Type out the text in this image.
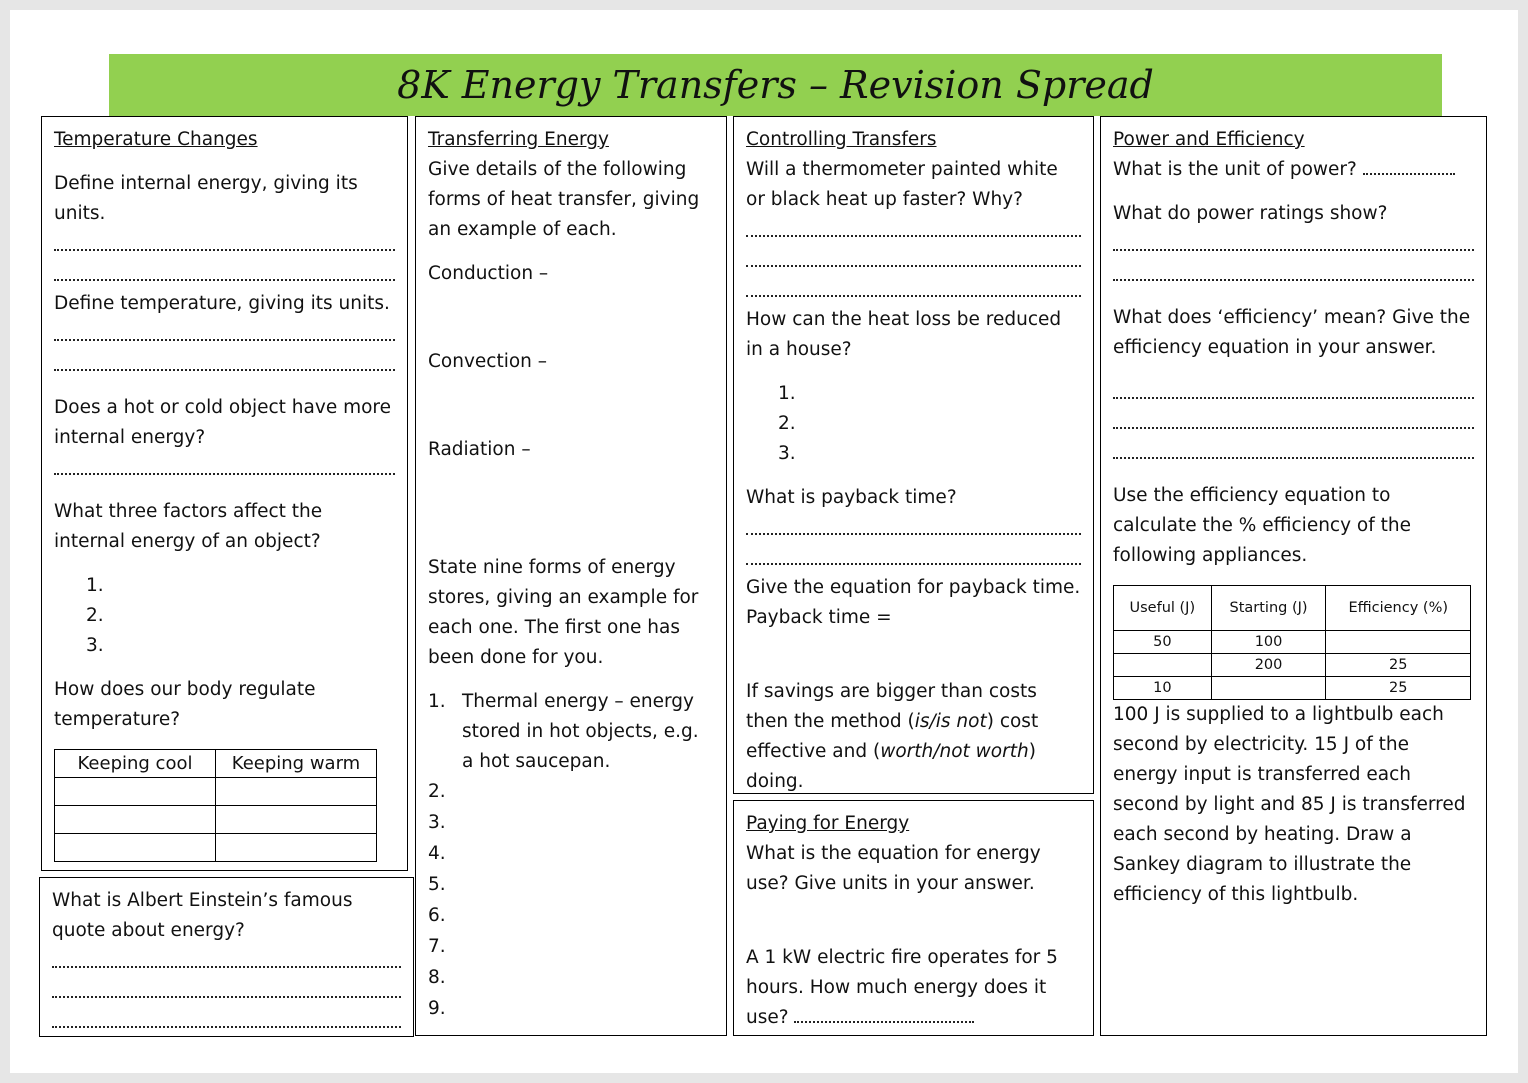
8K Energy Transfers – Revision Spread

Temperature Changes

Define internal energy, giving its units.

Define temperature, giving its units.

Does a hot or cold object have more internal energy?

What three factors affect the internal energy of an object?

1.
2.
3.

How does our body regulate temperature?

Keeping cool	Keeping warm

What is Albert Einstein’s famous quote about energy?

Transferring Energy

Give details of the following forms of heat transfer, giving an example of each.

Conduction –

Convection –

Radiation –

State nine forms of energy stores, giving an example for each one. The first one has been done for you.

1. Thermal energy – energy stored in hot objects, e.g. a hot saucepan.
2.
3.
4.
5.
6.
7.
8.
9.

Controlling Transfers

Will a thermometer painted white or black heat up faster? Why?

How can the heat loss be reduced in a house?

1.
2.
3.

What is payback time?

Give the equation for payback time.

Payback time =

If savings are bigger than costs then the method (is/is not) cost effective and (worth/not worth) doing.

Paying for Energy

What is the equation for energy use? Give units in your answer.

A 1 kW electric fire operates for 5 hours. How much energy does it use?

Power and Efficiency

What is the unit of power?

What do power ratings show?

What does ‘efficiency’ mean? Give the efficiency equation in your answer.

Use the efficiency equation to calculate the % efficiency of the following appliances.

Useful (J)	Starting (J)	Efficiency (%)
50	100	
	200	25
10		25

100 J is supplied to a lightbulb each second by electricity. 15 J of the energy input is transferred each second by light and 85 J is transferred each second by heating. Draw a Sankey diagram to illustrate the efficiency of this lightbulb.
